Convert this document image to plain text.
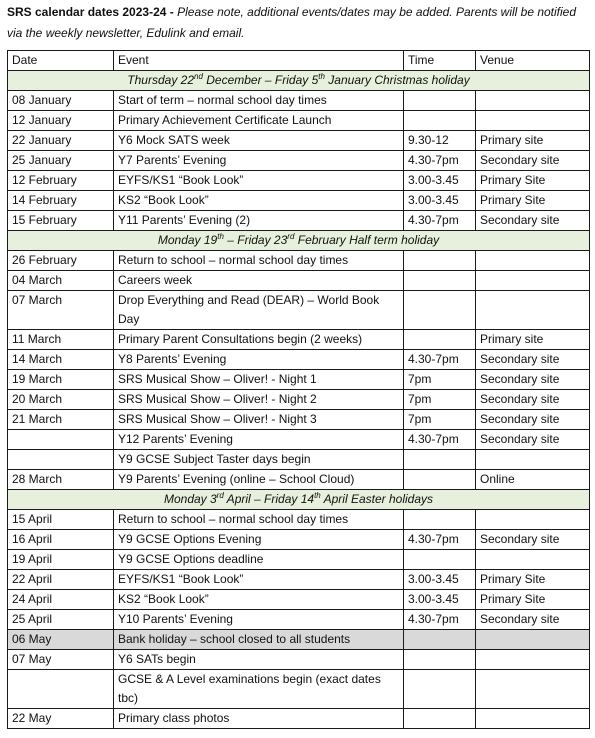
SRS calendar dates 2023-24 - Please note, additional events/dates may be added. Parents will be notified via the weekly newsletter, Edulink and email.
Date	Event	Time	Venue
Thursday 22nd December – Friday 5th January Christmas holiday			
08 January	Start of term – normal school day times		
12 January	Primary Achievement Certificate Launch		
22 January	Y6 Mock SATS week	9.30-12	Primary site
25 January	Y7 Parents’ Evening	4.30-7pm	Secondary site
12 February	EYFS/KS1 “Book Look”	3.00-3.45	Primary Site
14 February	KS2 “Book Look”	3.00-3.45	Primary Site
15 February	Y11 Parents’ Evening (2)	4.30-7pm	Secondary site
Monday 19th – Friday 23rd February Half term holiday			
26 February	Return to school – normal school day times		
04 March	Careers week		
07 March	Drop Everything and Read (DEAR) – World Book Day		
11 March	Primary Parent Consultations begin (2 weeks)		Primary site
14 March	Y8 Parents’ Evening	4.30-7pm	Secondary site
19 March	SRS Musical Show – Oliver! - Night 1	7pm	Secondary site
20 March	SRS Musical Show – Oliver! - Night 2	7pm	Secondary site
21 March	SRS Musical Show – Oliver! - Night 3	7pm	Secondary site
	Y12 Parents’ Evening	4.30-7pm	Secondary site
	Y9 GCSE Subject Taster days begin		
28 March	Y9 Parents’ Evening (online – School Cloud)		Online
Monday 3rd April – Friday 14th April Easter holidays			
15 April	Return to school – normal school day times		
16 April	Y9 GCSE Options Evening	4.30-7pm	Secondary site
19 April	Y9 GCSE Options deadline		
22 April	EYFS/KS1 “Book Look”	3.00-3.45	Primary Site
24 April	KS2 “Book Look”	3.00-3.45	Primary Site
25 April	Y10 Parents’ Evening	4.30-7pm	Secondary site
06 May	Bank holiday – school closed to all students		
07 May	Y6 SATs begin		
	GCSE & A Level examinations begin (exact dates tbc)		
22 May	Primary class photos		
